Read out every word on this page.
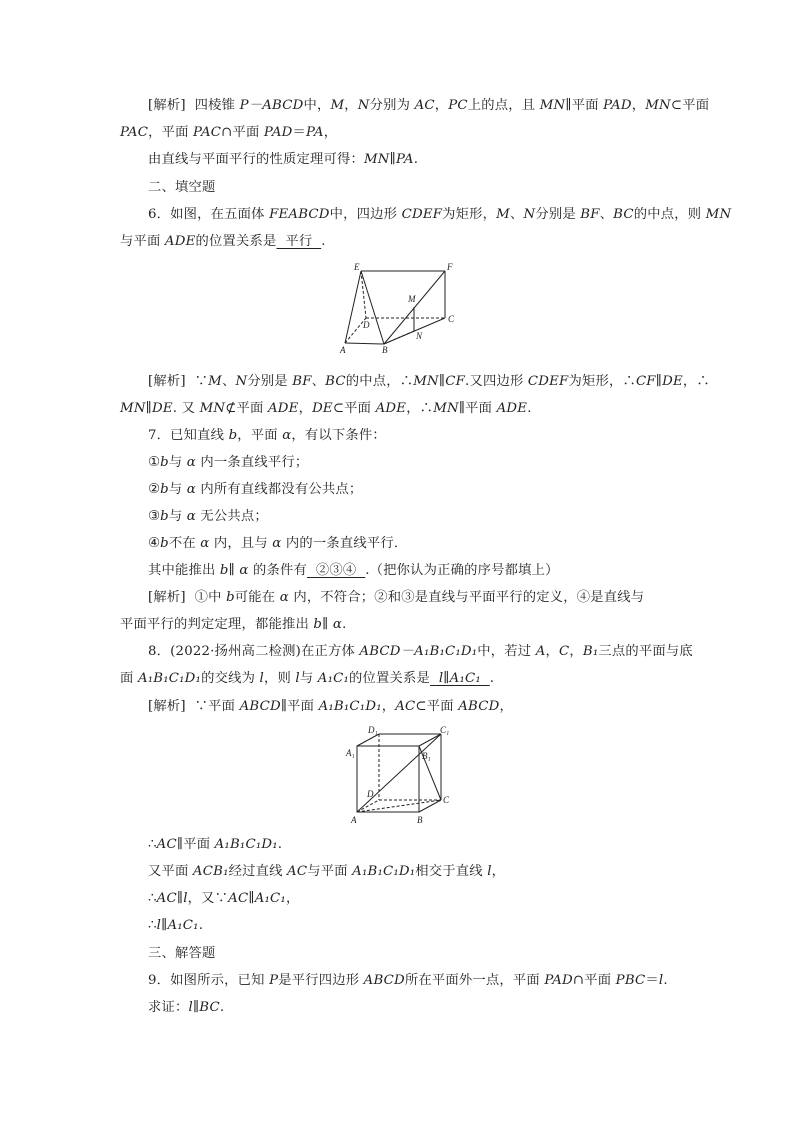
[解析] 四棱锥 P－ABCD中，M，N分别为 AC，PC上的点，且 MN∥平面 PAD，MN⊂平面
PAC，平面 PAC∩平面 PAD＝PA，
由直线与平面平行的性质定理可得：MN∥PA.
二、填空题
6．如图，在五面体 FEABCD中，四边形 CDEF为矩形，M、N分别是 BF、BC的中点，则 MN
与平面 ADE的位置关系是  平行  .
E	F
M
D
C
N
A	B
[解析] ∵M、N分别是 BF、BC的中点，∴MN∥CF.又四边形 CDEF为矩形，∴CF∥DE，∴
MN∥DE. 又 MN⊄平面 ADE，DE⊂平面 ADE，∴MN∥平面 ADE.
7．已知直线 b，平面 α，有以下条件：
①b与 α 内一条直线平行；
②b与 α 内所有直线都没有公共点；
③b与 α 无公共点；
④b不在 α 内，且与 α 内的一条直线平行．
其中能推出 b∥ α 的条件有  ②③④  .（把你认为正确的序号都填上）
[解析] ①中 b可能在 α 内，不符合；②和③是直线与平面平行的定义，④是直线与
平面平行的判定定理，都能推出 b∥ α.
8．(2022·扬州高二检测)在正方体 ABCD－A₁B₁C₁D₁中，若过 A，C，B₁三点的平面与底
面 A₁B₁C₁D₁的交线为 l，则 l与 A₁C₁的位置关系是  l∥A₁C₁  .
[解析] ∵平面 ABCD∥平面 A₁B₁C₁D₁，AC⊂平面 ABCD，
D₁	C₁
A₁	B₁
D
C
A	B
∴AC∥平面 A₁B₁C₁D₁.
又平面 ACB₁经过直线 AC与平面 A₁B₁C₁D₁相交于直线 l，
∴AC∥l，又∵AC∥A₁C₁，
∴l∥A₁C₁.
三、解答题
9．如图所示，已知 P是平行四边形 ABCD所在平面外一点，平面 PAD∩平面 PBC＝l.
求证：l∥BC.
